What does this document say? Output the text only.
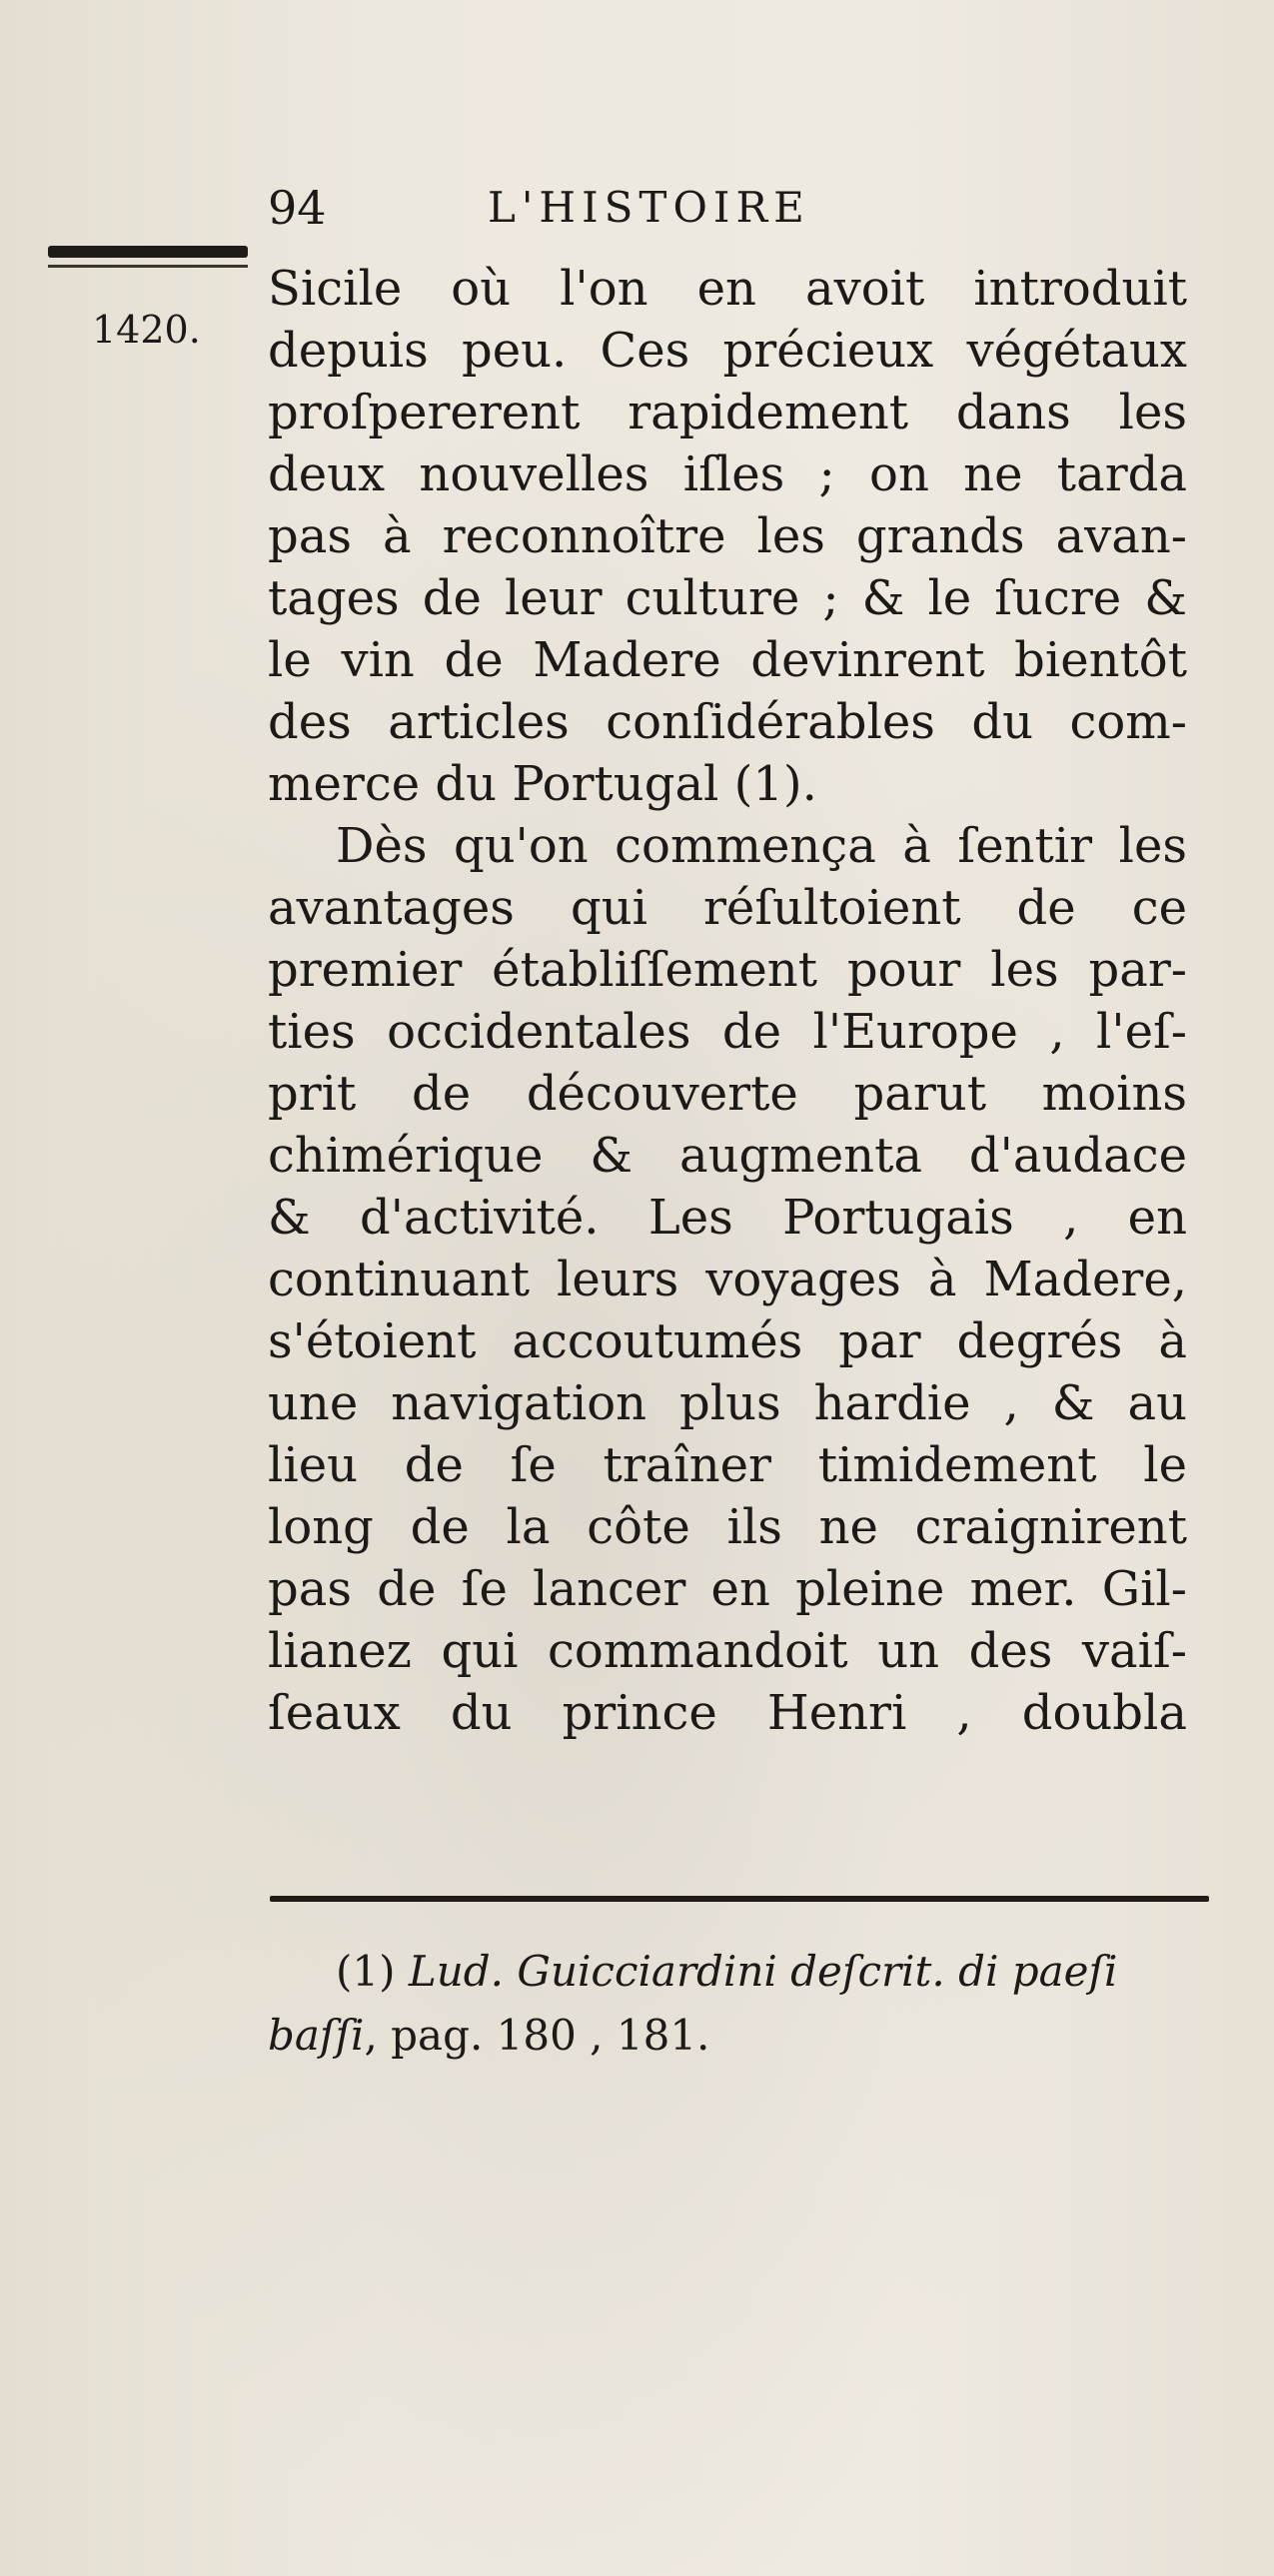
94	L'HISTOIRE
1420.
Sicile où l'on en avoit introduit
depuis peu. Ces précieux végétaux
proſpererent rapidement dans les
deux nouvelles iſles ; on ne tarda
pas à reconnoître les grands avan-
tages de leur culture ; & le ſucre &
le vin de Madere devinrent bientôt
des articles conſidérables du com-
merce du Portugal (1).
Dès qu'on commença à ſentir les
avantages qui réſultoient de ce
premier établiſſement pour les par-
ties occidentales de l'Europe , l'eſ-
prit de découverte parut moins
chimérique & augmenta d'audace
& d'activité. Les Portugais , en
continuant leurs voyages à Madere,
s'étoient accoutumés par degrés à
une navigation plus hardie , & au
lieu de ſe traîner timidement le
long de la côte ils ne craignirent
pas de ſe lancer en pleine mer. Gil-
lianez qui commandoit un des vaiſ-
ſeaux du prince Henri , doubla
(1) Lud. Guicciardini deſcrit. di paeſi
baſſi, pag. 180 , 181.
